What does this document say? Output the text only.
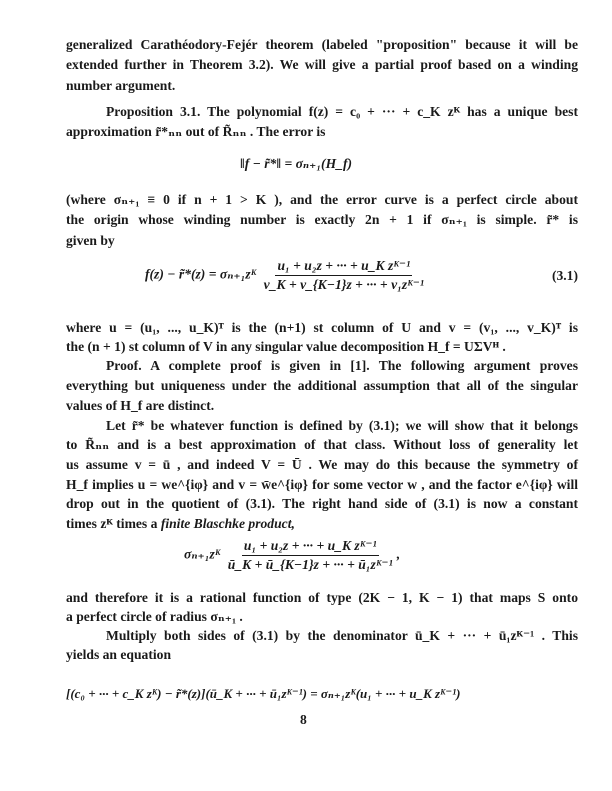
generalized Carathéodory-Fejér theorem (labeled "proposition" because it will be
extended further in Theorem 3.2). We will give a partial proof based on a winding
number argument.
Proposition 3.1. The polynomial f(z) = c₀ + ··· + c_K zᴷ has a unique best
approximation r̃*ₙₙ out of R̃ₙₙ . The error is
‖f − r̃*‖ = σₙ₊₁(H_f)
(where σₙ₊₁ ≡ 0 if n + 1 > K ), and the error curve is a perfect circle about
the origin whose winding number is exactly 2n + 1 if σₙ₊₁ is simple. r̃* is
given by
f(z) − r̃*(z) = σₙ₊₁zᴷ $\frac{\text{u₁ + u₂z + ··· + u\_K zᴷ⁻¹}}{\text{v\_K + v\_\{K−1\}z + ··· + v₁zᴷ⁻¹}}$	(3.1)
where u = (u₁, ..., u_K)ᵀ is the (n+1) st column of U and v = (v₁, ..., v_K)ᵀ is
the (n + 1) st column of V in any singular value decomposition H_f = UΣVᴴ .
Proof. A complete proof is given in [1]. The following argument proves
everything but uniqueness under the additional assumption that all of the singular
values of H_f are distinct.
Let r̃* be whatever function is defined by (3.1); we will show that it belongs
to R̃ₙₙ and is a best approximation of that class. Without loss of generality let
us assume v = ū , and indeed V = Ū . We may do this because the symmetry of
H_f implies u = we^{iφ} and v = w̄e^{iφ} for some vector w , and the factor e^{iφ} will
drop out in the quotient of (3.1). The right hand side of (3.1) is now a constant
times zᴷ times a finite Blaschke product,
σₙ₊₁zᴷ $\frac{\text{u₁ + u₂z + ··· + u\_K zᴷ⁻¹}}{\text{ū\_K + ū\_\{K−1\}z + ··· + ū₁zᴷ⁻¹}}$ ,
and therefore it is a rational function of type (2K − 1, K − 1) that maps S onto
a perfect circle of radius σₙ₊₁ .
Multiply both sides of (3.1) by the denominator ū_K + ··· + ū₁zᴷ⁻¹ . This
yields an equation
[(c₀ + ··· + c_K zᴷ) − r̃*(z)](ū_K + ··· + ū₁zᴷ⁻¹) = σₙ₊₁zᴷ(u₁ + ··· + u_K zᴷ⁻¹)
8
